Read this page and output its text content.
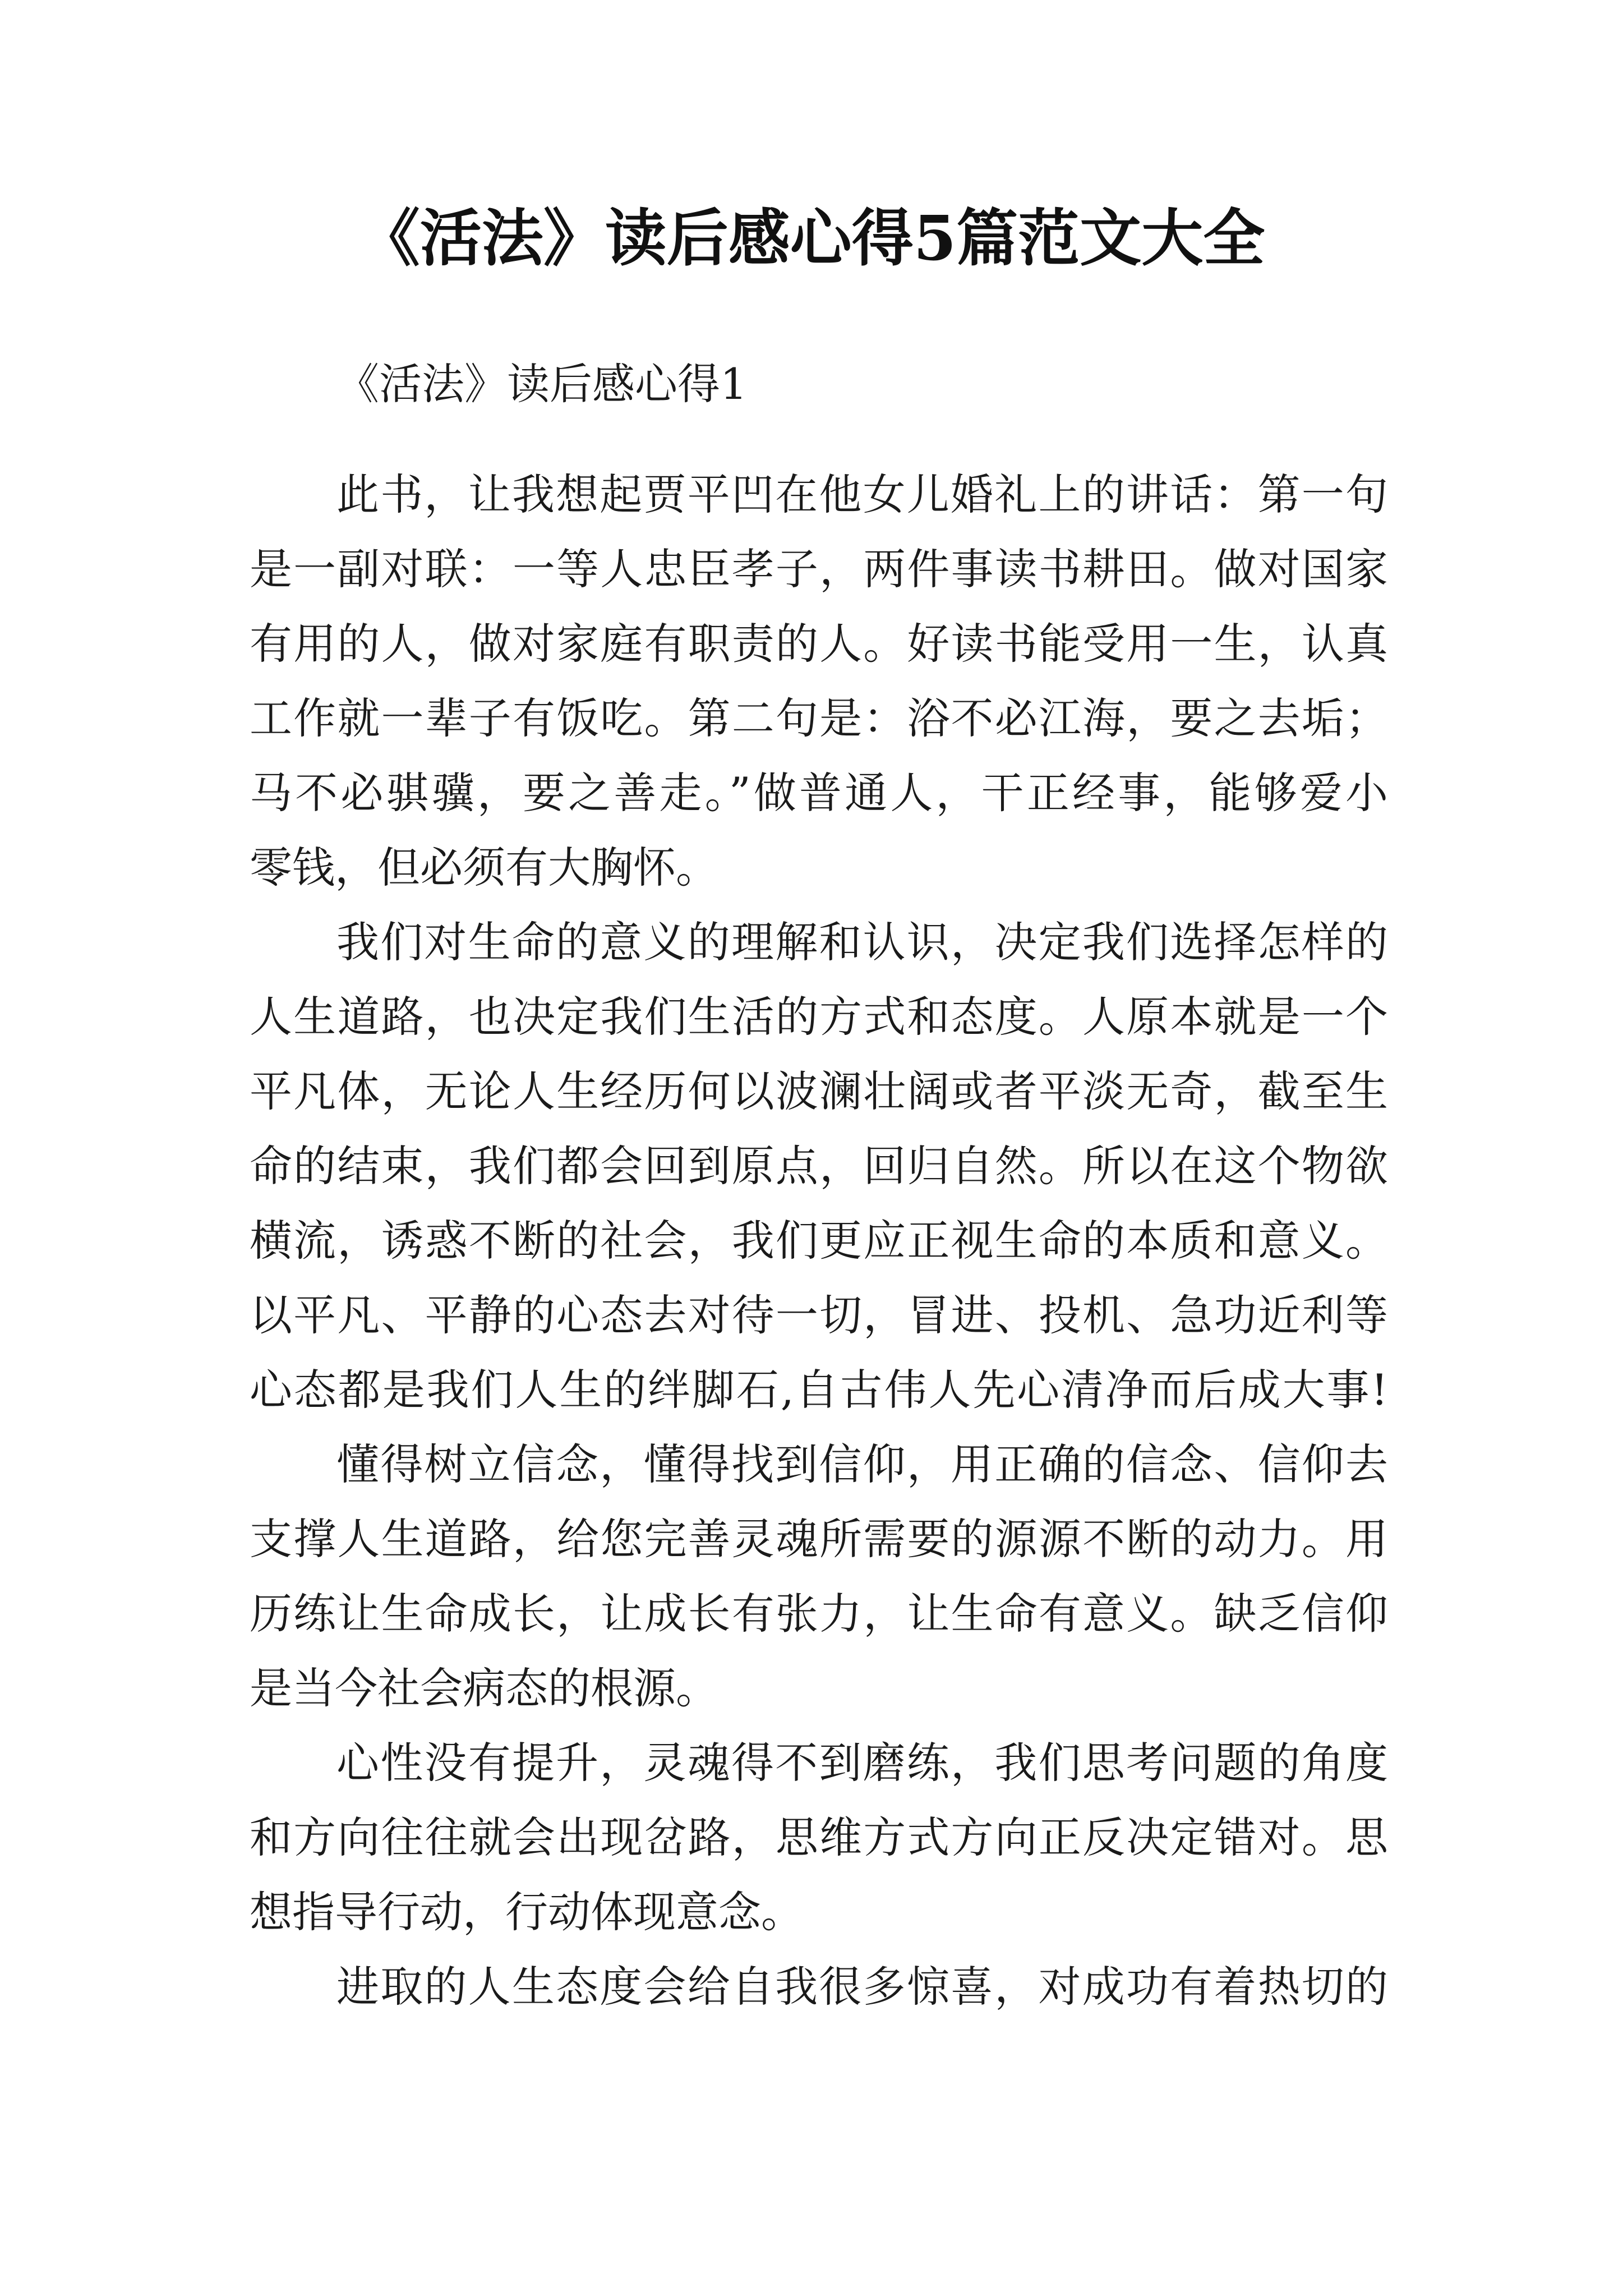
《活法》读后感心得5篇范文大全
《活法》读后感心得1
此书，让我想起贾平凹在他女儿婚礼上的讲话：第一句
是一副对联：一等人忠臣孝子，两件事读书耕田。做对国家
有用的人，做对家庭有职责的人。好读书能受用一生，认真
工作就一辈子有饭吃。第二句是：浴不必江海，要之去垢；
马不必骐骥，要之善走。”做普通人，干正经事，能够爱小
零钱，但必须有大胸怀。
我们对生命的意义的理解和认识，决定我们选择怎样的
人生道路，也决定我们生活的方式和态度。人原本就是一个
平凡体，无论人生经历何以波澜壮阔或者平淡无奇，截至生
命的结束，我们都会回到原点，回归自然。所以在这个物欲
横流，诱惑不断的社会，我们更应正视生命的本质和意义。
以平凡、平静的心态去对待一切，冒进、投机、急功近利等
心态都是我们人生的绊脚石,自古伟人先心清净而后成大事!
懂得树立信念，懂得找到信仰，用正确的信念、信仰去
支撑人生道路，给您完善灵魂所需要的源源不断的动力。用
历练让生命成长，让成长有张力，让生命有意义。缺乏信仰
是当今社会病态的根源。
心性没有提升，灵魂得不到磨练，我们思考问题的角度
和方向往往就会出现岔路，思维方式方向正反决定错对。思
想指导行动，行动体现意念。
进取的人生态度会给自我很多惊喜，对成功有着热切的
